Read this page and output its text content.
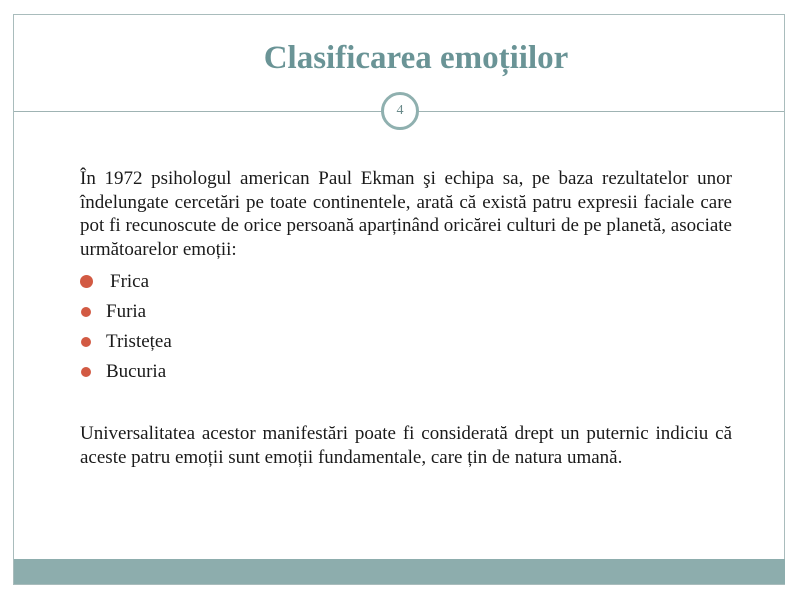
Clasificarea emoțiilor
4

În 1972 psihologul american Paul Ekman şi echipa sa, pe baza rezultatelor unor îndelungate cercetări pe toate continentele, arată că există patru expresii faciale care pot fi recunoscute de orice persoană aparținând oricărei culturi de pe planetă, asociate următoarelor emoții:

Frica
Furia
Tristețea
Bucuria

Universalitatea acestor manifestări poate fi considerată drept un puternic indiciu că aceste patru emoții sunt emoții fundamentale, care țin de natura umană.
